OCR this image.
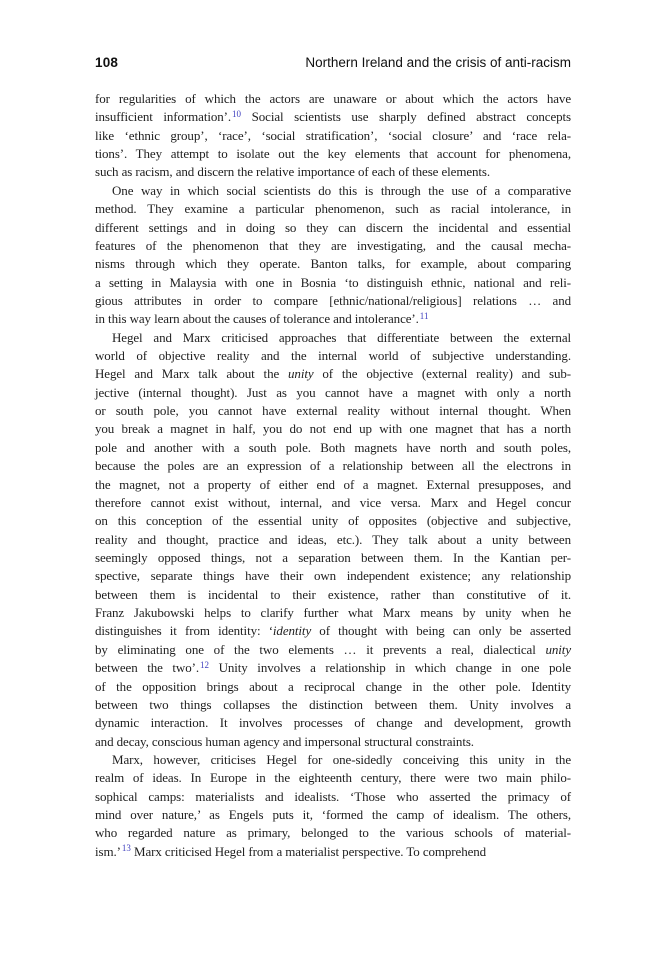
108	Northern Ireland and the crisis of anti-racism
for regularities of which the actors are unaware or about which the actors have
insufficient information’.$^{10}$ Social scientists use sharply defined abstract concepts
like ‘ethnic group’, ‘race’, ‘social stratification’, ‘social closure’ and ‘race rela-
tions’. They attempt to isolate out the key elements that account for phenomena,
such as racism, and discern the relative importance of each of these elements.
One way in which social scientists do this is through the use of a comparative
method. They examine a particular phenomenon, such as racial intolerance, in
different settings and in doing so they can discern the incidental and essential
features of the phenomenon that they are investigating, and the causal mecha-
nisms through which they operate. Banton talks, for example, about comparing
a setting in Malaysia with one in Bosnia ‘to distinguish ethnic, national and reli-
gious attributes in order to compare [ethnic/national/religious] relations … and
in this way learn about the causes of tolerance and intolerance’.$^{11}$
Hegel and Marx criticised approaches that differentiate between the external
world of objective reality and the internal world of subjective understanding.
Hegel and Marx talk about the unity of the objective (external reality) and sub-
jective (internal thought). Just as you cannot have a magnet with only a north
or south pole, you cannot have external reality without internal thought. When
you break a magnet in half, you do not end up with one magnet that has a north
pole and another with a south pole. Both magnets have north and south poles,
because the poles are an expression of a relationship between all the electrons in
the magnet, not a property of either end of a magnet. External presupposes, and
therefore cannot exist without, internal, and vice versa. Marx and Hegel concur
on this conception of the essential unity of opposites (objective and subjective,
reality and thought, practice and ideas, etc.). They talk about a unity between
seemingly opposed things, not a separation between them. In the Kantian per-
spective, separate things have their own independent existence; any relationship
between them is incidental to their existence, rather than constitutive of it.
Franz Jakubowski helps to clarify further what Marx means by unity when he
distinguishes it from identity: ‘identity of thought with being can only be asserted
by eliminating one of the two elements … it prevents a real, dialectical unity
between the two’.$^{12}$ Unity involves a relationship in which change in one pole
of the opposition brings about a reciprocal change in the other pole. Identity
between two things collapses the distinction between them. Unity involves a
dynamic interaction. It involves processes of change and development, growth
and decay, conscious human agency and impersonal structural constraints.
Marx, however, criticises Hegel for one-sidedly conceiving this unity in the
realm of ideas. In Europe in the eighteenth century, there were two main philo-
sophical camps: materialists and idealists. ‘Those who asserted the primacy of
mind over nature,’ as Engels puts it, ‘formed the camp of idealism. The others,
who regarded nature as primary, belonged to the various schools of material-
ism.’$^{13}$ Marx criticised Hegel from a materialist perspective. To comprehend
